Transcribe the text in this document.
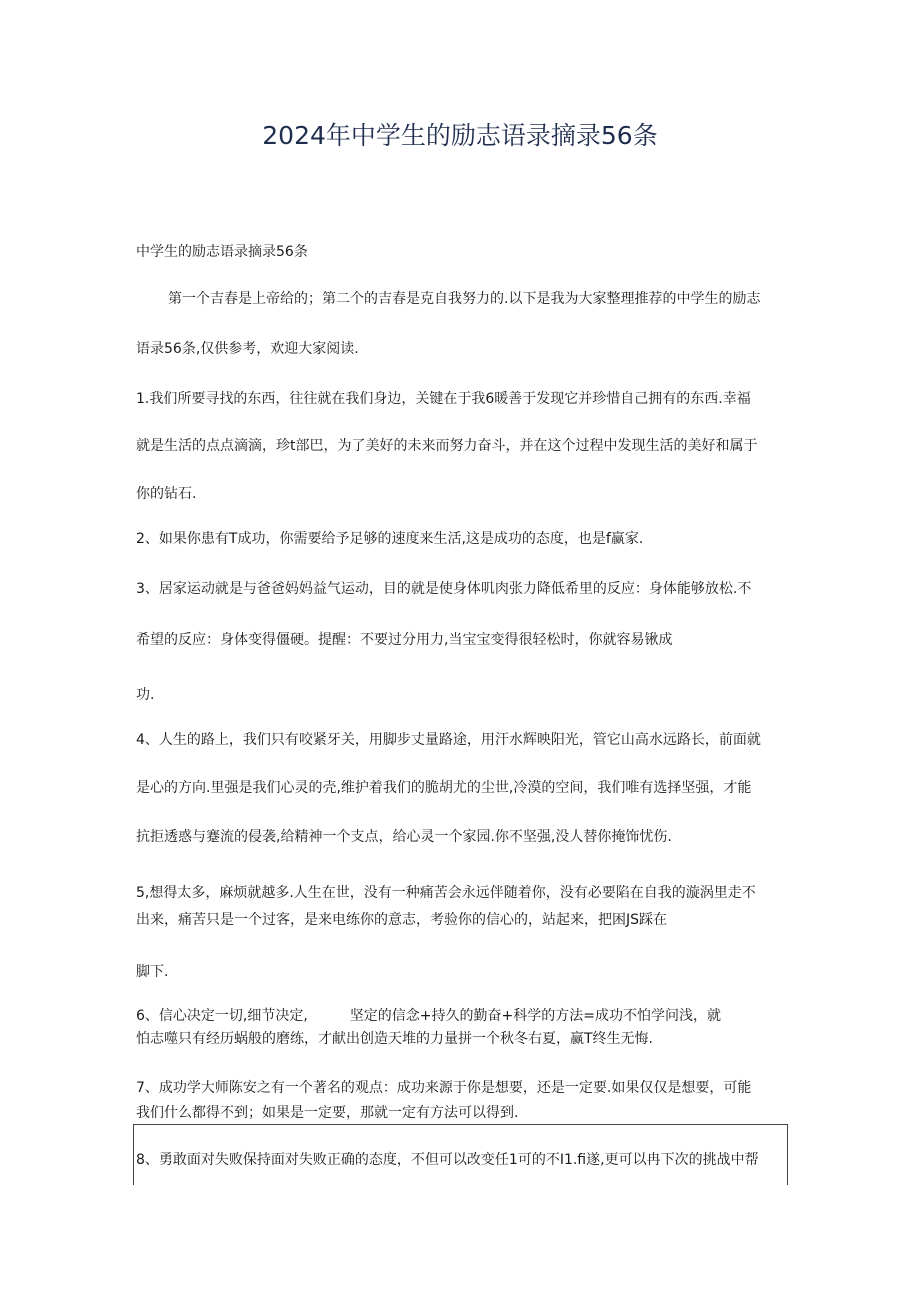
2024年中学生的励志语录摘录56条
中学生的励志语录摘录56条
第一个吉春是上帝给的；第二个的吉春是克自我努力的.以下是我为大家整理推荐的中学生的励志
语录56条,仅供参考，欢迎大家阅读.
1.我们所要寻找的东西，往往就在我们身边，关键在于我6暖善于发现它并珍惜自己拥有的东西.幸福
就是生活的点点滴滴，珍t部巴，为了美好的未来而努力奋斗，并在这个过程中发现生活的美好和属于
你的钻石.
2、如果你患有T成功，你需要给予足够的速度来生活,这是成功的态度，也是f赢家.
3、居家运动就是与爸爸妈妈益气运动，目的就是使身体叽肉张力降低希里的反应：身体能够放松.不
希望的反应：身体变得僵硬。提醒：不要过分用力,当宝宝变得很轻松时，你就容易锹成
功.
4、人生的路上，我们只有咬紧牙关，用脚步丈量路途，用汗水辉映阳光，管它山高水远路长，前面就
是心的方向.里强是我们心灵的壳,维护着我们的脆胡尤的尘世,冷漠的空间，我们唯有选择坚强，才能
抗拒透惑与蹇流的侵袭,给精神一个支点，给心灵一个家园.你不坚强,没人替你掩饰忧伤.
5,想得太多，麻烦就越多.人生在世，没有一种痛苦会永远伴随着你，没有必要陷在自我的漩涡里走不
出来，痛苦只是一个过客，是来电练你的意志，考验你的信心的，站起来，把困JS踩在
脚下.
6、信心决定一切,细节决定,　　　坚定的信念+持久的勤奋+科学的方法=成功不怕学问浅，就
怕志噬只有经历蜗般的磨练，才献出创造天堆的力量拼一个秋冬右夏，赢T终生无悔.
7、成功学大师陈安之有一个著名的观点：成功来源于你是想要，还是一定要.如果仅仅是想要，可能
我们什么都得不到；如果是一定要，那就一定有方法可以得到.
8、勇敢面对失败保持面对失败正确的态度，不但可以改变任1可的不I1.fi遂,更可以冉下次的挑战中帮
